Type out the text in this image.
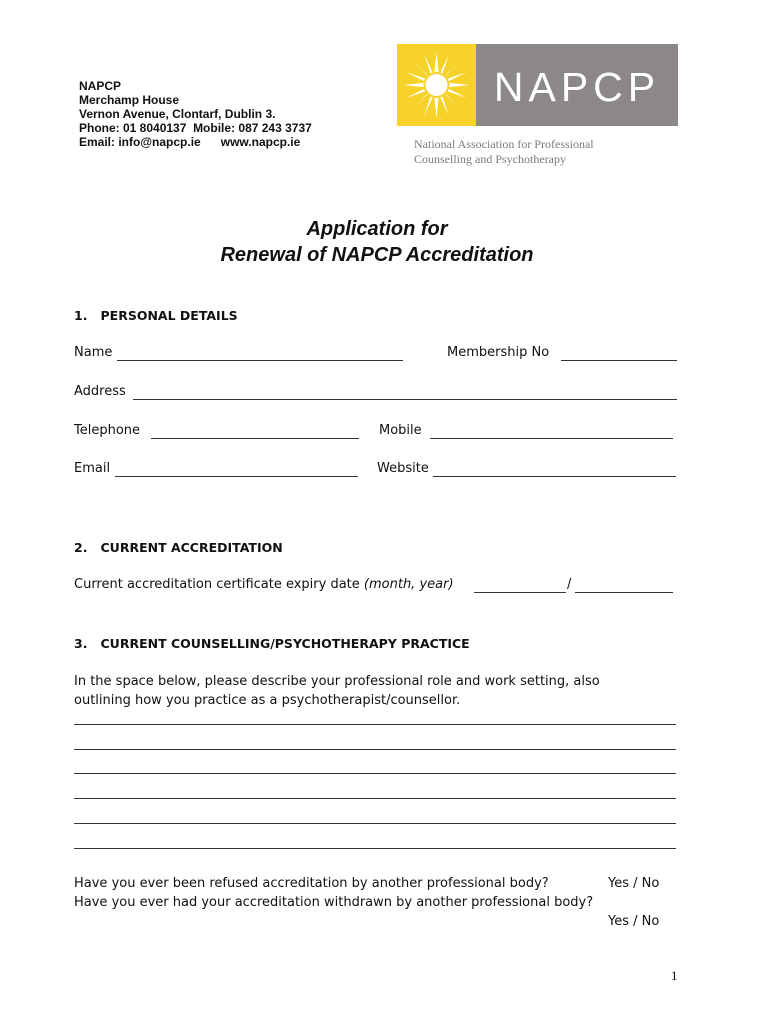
NAPCP
Merchamp House
Vernon Avenue, Clontarf, Dublin 3.
Phone: 01 8040137  Mobile: 087 243 3737
Email: info@napcp.ie www.napcp.ie
NAPCP
National Association for Professional
Counselling and Psychotherapy
Application for
Renewal of NAPCP Accreditation
1.   PERSONAL DETAILS
Name	Membership No
Address
Telephone	Mobile
Email	Website
2.   CURRENT ACCREDITATION
Current accreditation certificate expiry date (month, year)	/
3.   CURRENT COUNSELLING/PSYCHOTHERAPY PRACTICE
In the space below, please describe your professional role and work setting, also
outlining how you practice as a psychotherapist/counsellor.
Have you ever been refused accreditation by another professional body?	Yes / No
Have you ever had your accreditation withdrawn by another professional body?
Yes / No
1
